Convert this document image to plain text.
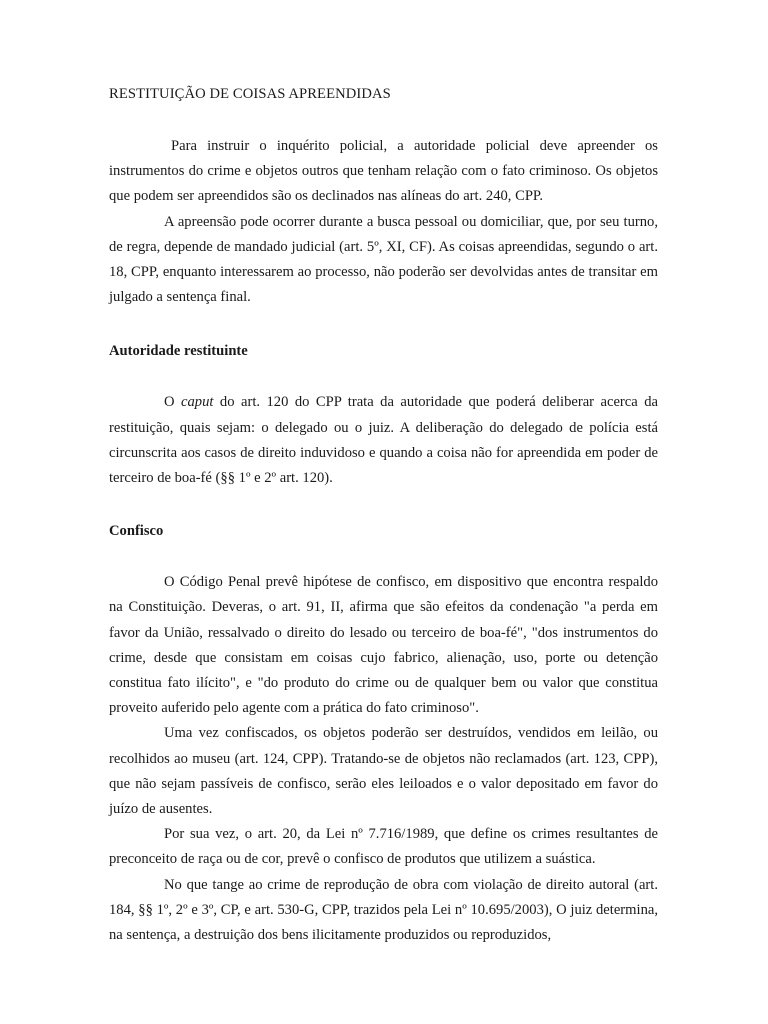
RESTITUIÇÃO DE COISAS APREENDIDAS

Para instruir o inquérito policial, a autoridade policial deve apreender os instrumentos do crime e objetos outros que tenham relação com o fato criminoso. Os objetos que podem ser apreendidos são os declinados nas alíneas do art. 240, CPP.

A apreensão pode ocorrer durante a busca pessoal ou domiciliar, que, por seu turno, de regra, depende de mandado judicial (art. 5º, XI, CF). As coisas apreendidas, segundo o art. 18, CPP, enquanto interessarem ao processo, não poderão ser devolvidas antes de transitar em julgado a sentença final.

Autoridade restituinte

O caput do art. 120 do CPP trata da autoridade que poderá deliberar acerca da restituição, quais sejam: o delegado ou o juiz. A deliberação do delegado de polícia está circunscrita aos casos de direito induvidoso e quando a coisa não for apreendida em poder de terceiro de boa-fé (§§ 1º e 2º art. 120).

Confisco

O Código Penal prevê hipótese de confisco, em dispositivo que encontra respaldo na Constituição. Deveras, o art. 91, II, afirma que são efeitos da condenação "a perda em favor da União, ressalvado o direito do lesado ou terceiro de boa-fé", "dos instrumentos do crime, desde que consistam em coisas cujo fabrico, alienação, uso, porte ou detenção constitua fato ilícito", e "do produto do crime ou de qualquer bem ou valor que constitua proveito auferido pelo agente com a prática do fato criminoso".

Uma vez confiscados, os objetos poderão ser destruídos, vendidos em leilão, ou recolhidos ao museu (art. 124, CPP). Tratando-se de objetos não reclamados (art. 123, CPP), que não sejam passíveis de confisco, serão eles leiloados e o valor depositado em favor do juízo de ausentes.

Por sua vez, o art. 20, da Lei nº 7.716/1989, que define os crimes resultantes de preconceito de raça ou de cor, prevê o confisco de produtos que utilizem a suástica.

No que tange ao crime de reprodução de obra com violação de direito autoral (art. 184, §§ 1º, 2º e 3º, CP, e art. 530-G, CPP, trazidos pela Lei nº 10.695/2003), O juiz determina, na sentença, a destruição dos bens ilicitamente produzidos ou reproduzidos,
